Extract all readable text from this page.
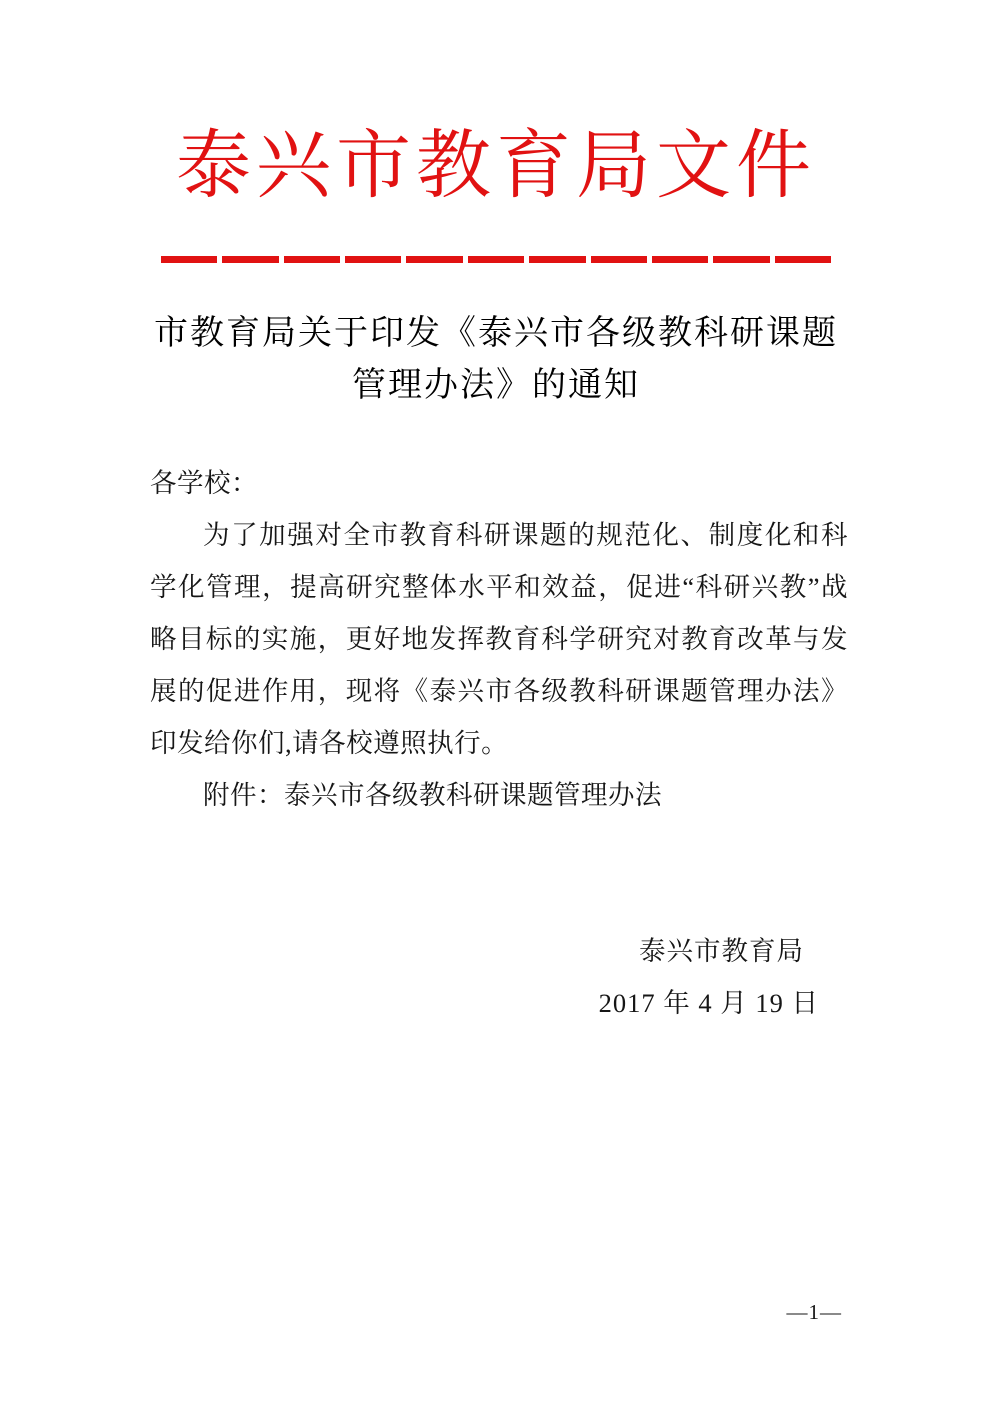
泰兴市教育局文件
市教育局关于印发《泰兴市各级教科研课题
管理办法》的通知

各学校：

为了加强对全市教育科研课题的规范化、制度化和科学化管理，提高研究整体水平和效益，促进“科研兴教”战略目标的实施，更好地发挥教育科学研究对教育改革与发展的促进作用，现将《泰兴市各级教科研课题管理办法》印发给你们,请各校遵照执行。

附件：泰兴市各级教科研课题管理办法

泰兴市教育局

2017 年 4 月 19 日

—1—
